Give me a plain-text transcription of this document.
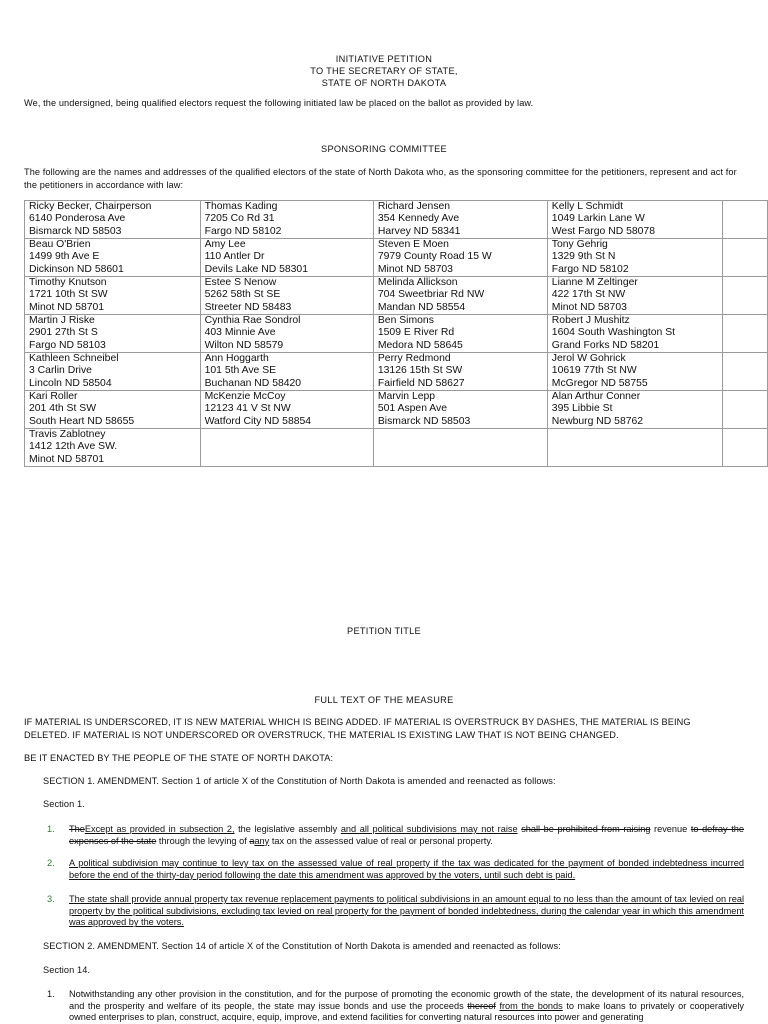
INITIATIVE PETITION
TO THE SECRETARY OF STATE,
STATE OF NORTH DAKOTA
We, the undersigned, being qualified electors request the following initiated law be placed on the ballot as provided by law.
SPONSORING COMMITTEE
The following are the names and addresses of the qualified electors of the state of North Dakota who, as the sponsoring committee for the petitioners, represent and act for the petitioners in accordance with law:
Ricky Becker, Chairperson
6140 Ponderosa Ave
Bismarck ND 58503	Thomas Kading
7205 Co Rd 31
Fargo ND 58102	Richard Jensen
354 Kennedy Ave
Harvey ND 58341	Kelly L Schmidt
1049 Larkin Lane W
West Fargo ND 58078	

Beau O'Brien
1499 9th Ave E
Dickinson ND 58601	Amy Lee
110 Antler Dr
Devils Lake ND 58301	Steven E Moen
7979 County Road 15 W
Minot ND 58703	Tony Gehrig
1329 9th St N
Fargo ND 58102	

Timothy Knutson
1721 10th St SW
Minot ND 58701	Estee S Nenow
5262 58th St SE
Streeter ND 58483	Melinda Allickson
704 Sweetbriar Rd NW
Mandan ND 58554	Lianne M Zeltinger
422 17th St NW
Minot ND 58703	

Martin J Riske
2901 27th St S
Fargo ND 58103	Cynthia Rae Sondrol
403 Minnie Ave
Wilton ND 58579	Ben Simons
1509 E River Rd
Medora ND 58645	Robert J Mushitz
1604 South Washington St
Grand Forks ND 58201	

Kathleen Schneibel
3 Carlin Drive
Lincoln ND 58504	Ann Hoggarth
101 5th Ave SE
Buchanan ND 58420	Perry Redmond
13126 15th St SW
Fairfield ND 58627	Jerol W Gohrick
10619 77th St NW
McGregor ND 58755	

Kari Roller
201 4th St SW
South Heart ND 58655	McKenzie McCoy
12123 41 V St NW
Watford City ND 58854	Marvin Lepp
501 Aspen Ave
Bismarck ND 58503	Alan Arthur Conner
395 Libbie St
Newburg ND 58762	

Travis Zablotney
1412 12th Ave SW.
Minot ND 58701				

PETITION TITLE
FULL TEXT OF THE MEASURE
IF MATERIAL IS UNDERSCORED, IT IS NEW MATERIAL WHICH IS BEING ADDED. IF MATERIAL IS OVERSTRUCK BY DASHES, THE MATERIAL IS BEING
DELETED. IF MATERIAL IS NOT UNDERSCORED OR OVERSTRUCK, THE MATERIAL IS EXISTING LAW THAT IS NOT BEING CHANGED.
BE IT ENACTED BY THE PEOPLE OF THE STATE OF NORTH DAKOTA:
SECTION 1. AMENDMENT. Section 1 of article X of the Constitution of North Dakota is amended and reenacted as follows:
Section 1.
1. TheExcept as provided in subsection 2, the legislative assembly and all political subdivisions may not raise shall be prohibited from raising revenue to defray the expenses of the state through the levying of aany tax on the assessed value of real or personal property.
2. A political subdivision may continue to levy tax on the assessed value of real property if the tax was dedicated for the payment of bonded indebtedness incurred before the end of the thirty-day period following the date this amendment was approved by the voters, until such debt is paid.
3. The state shall provide annual property tax revenue replacement payments to political subdivisions in an amount equal to no less than the amount of tax levied on real property by the political subdivisions, excluding tax levied on real property for the payment of bonded indebtedness, during the calendar year in which this amendment was approved by the voters.
SECTION 2. AMENDMENT. Section 14 of article X of the Constitution of North Dakota is amended and reenacted as follows:
Section 14.
1. Notwithstanding any other provision in the constitution, and for the purpose of promoting the economic growth of the state, the development of its natural resources, and the prosperity and welfare of its people, the state may issue bonds and use the proceeds thereof from the bonds to make loans to privately or cooperatively owned enterprises to plan, construct, acquire, equip, improve, and extend facilities for converting natural resources into power and generating
